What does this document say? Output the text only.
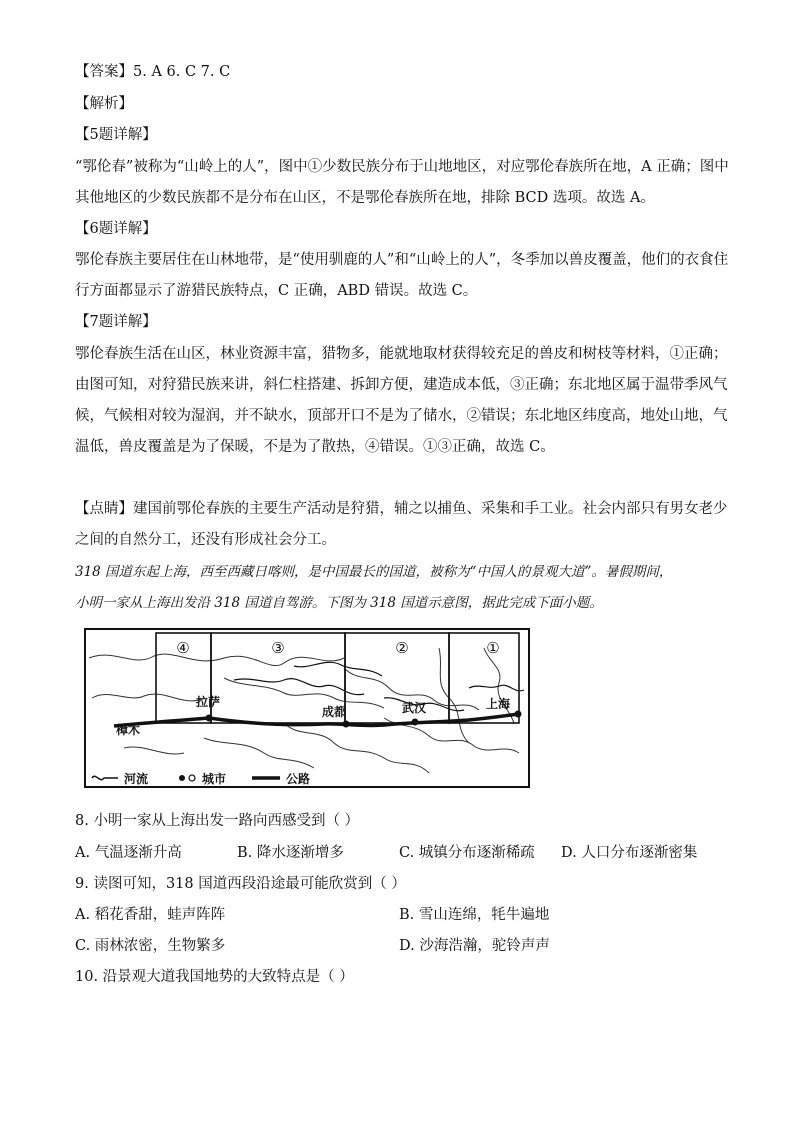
【答案】5. A 6. C 7. C
【解析】
【5题详解】
“鄂伦春”被称为“山岭上的人”，图中①少数民族分布于山地地区，对应鄂伦春族所在地，A 正确；图中
其他地区的少数民族都不是分布在山区，不是鄂伦春族所在地，排除 BCD 选项。故选 A。
【6题详解】
鄂伦春族主要居住在山林地带，是“使用驯鹿的人”和“山岭上的人”，冬季加以兽皮覆盖，他们的衣食住
行方面都显示了游猎民族特点，C 正确，ABD 错误。故选 C。
【7题详解】
鄂伦春族生活在山区，林业资源丰富，猎物多，能就地取材获得较充足的兽皮和树枝等材料，①正确；
由图可知，对狩猎民族来讲，斜仁柱搭建、拆卸方便，建造成本低，③正确；东北地区属于温带季风气
候，气候相对较为湿润，并不缺水，顶部开口不是为了储水，②错误；东北地区纬度高，地处山地，气
温低，兽皮覆盖是为了保暖，不是为了散热，④错误。①③正确，故选 C。
【点睛】建国前鄂伦春族的主要生产活动是狩猎，辅之以捕鱼、采集和手工业。社会内部只有男女老少
之间的自然分工，还没有形成社会分工。
318 国道东起上海，西至西藏日喀则，是中国最长的国道，被称为“中国人的景观大道”。暑假期间，
小明一家从上海出发沿 318 国道自驾游。下图为 318 国道示意图，据此完成下面小题。
④	③	②	①
樟木
拉萨
成都	武汉	上海
河流	城市	公路
8. 小明一家从上海出发一路向西感受到（ ）
A. 气温逐渐升高	B. 降水逐渐增多	C. 城镇分布逐渐稀疏 D. 人口分布逐渐密集
9. 读图可知，318 国道西段沿途最可能欣赏到（ ）
A. 稻花香甜，蛙声阵阵	B. 雪山连绵，牦牛遍地
C. 雨林浓密，生物繁多	D. 沙海浩瀚，驼铃声声
10. 沿景观大道我国地势的大致特点是（ ）
